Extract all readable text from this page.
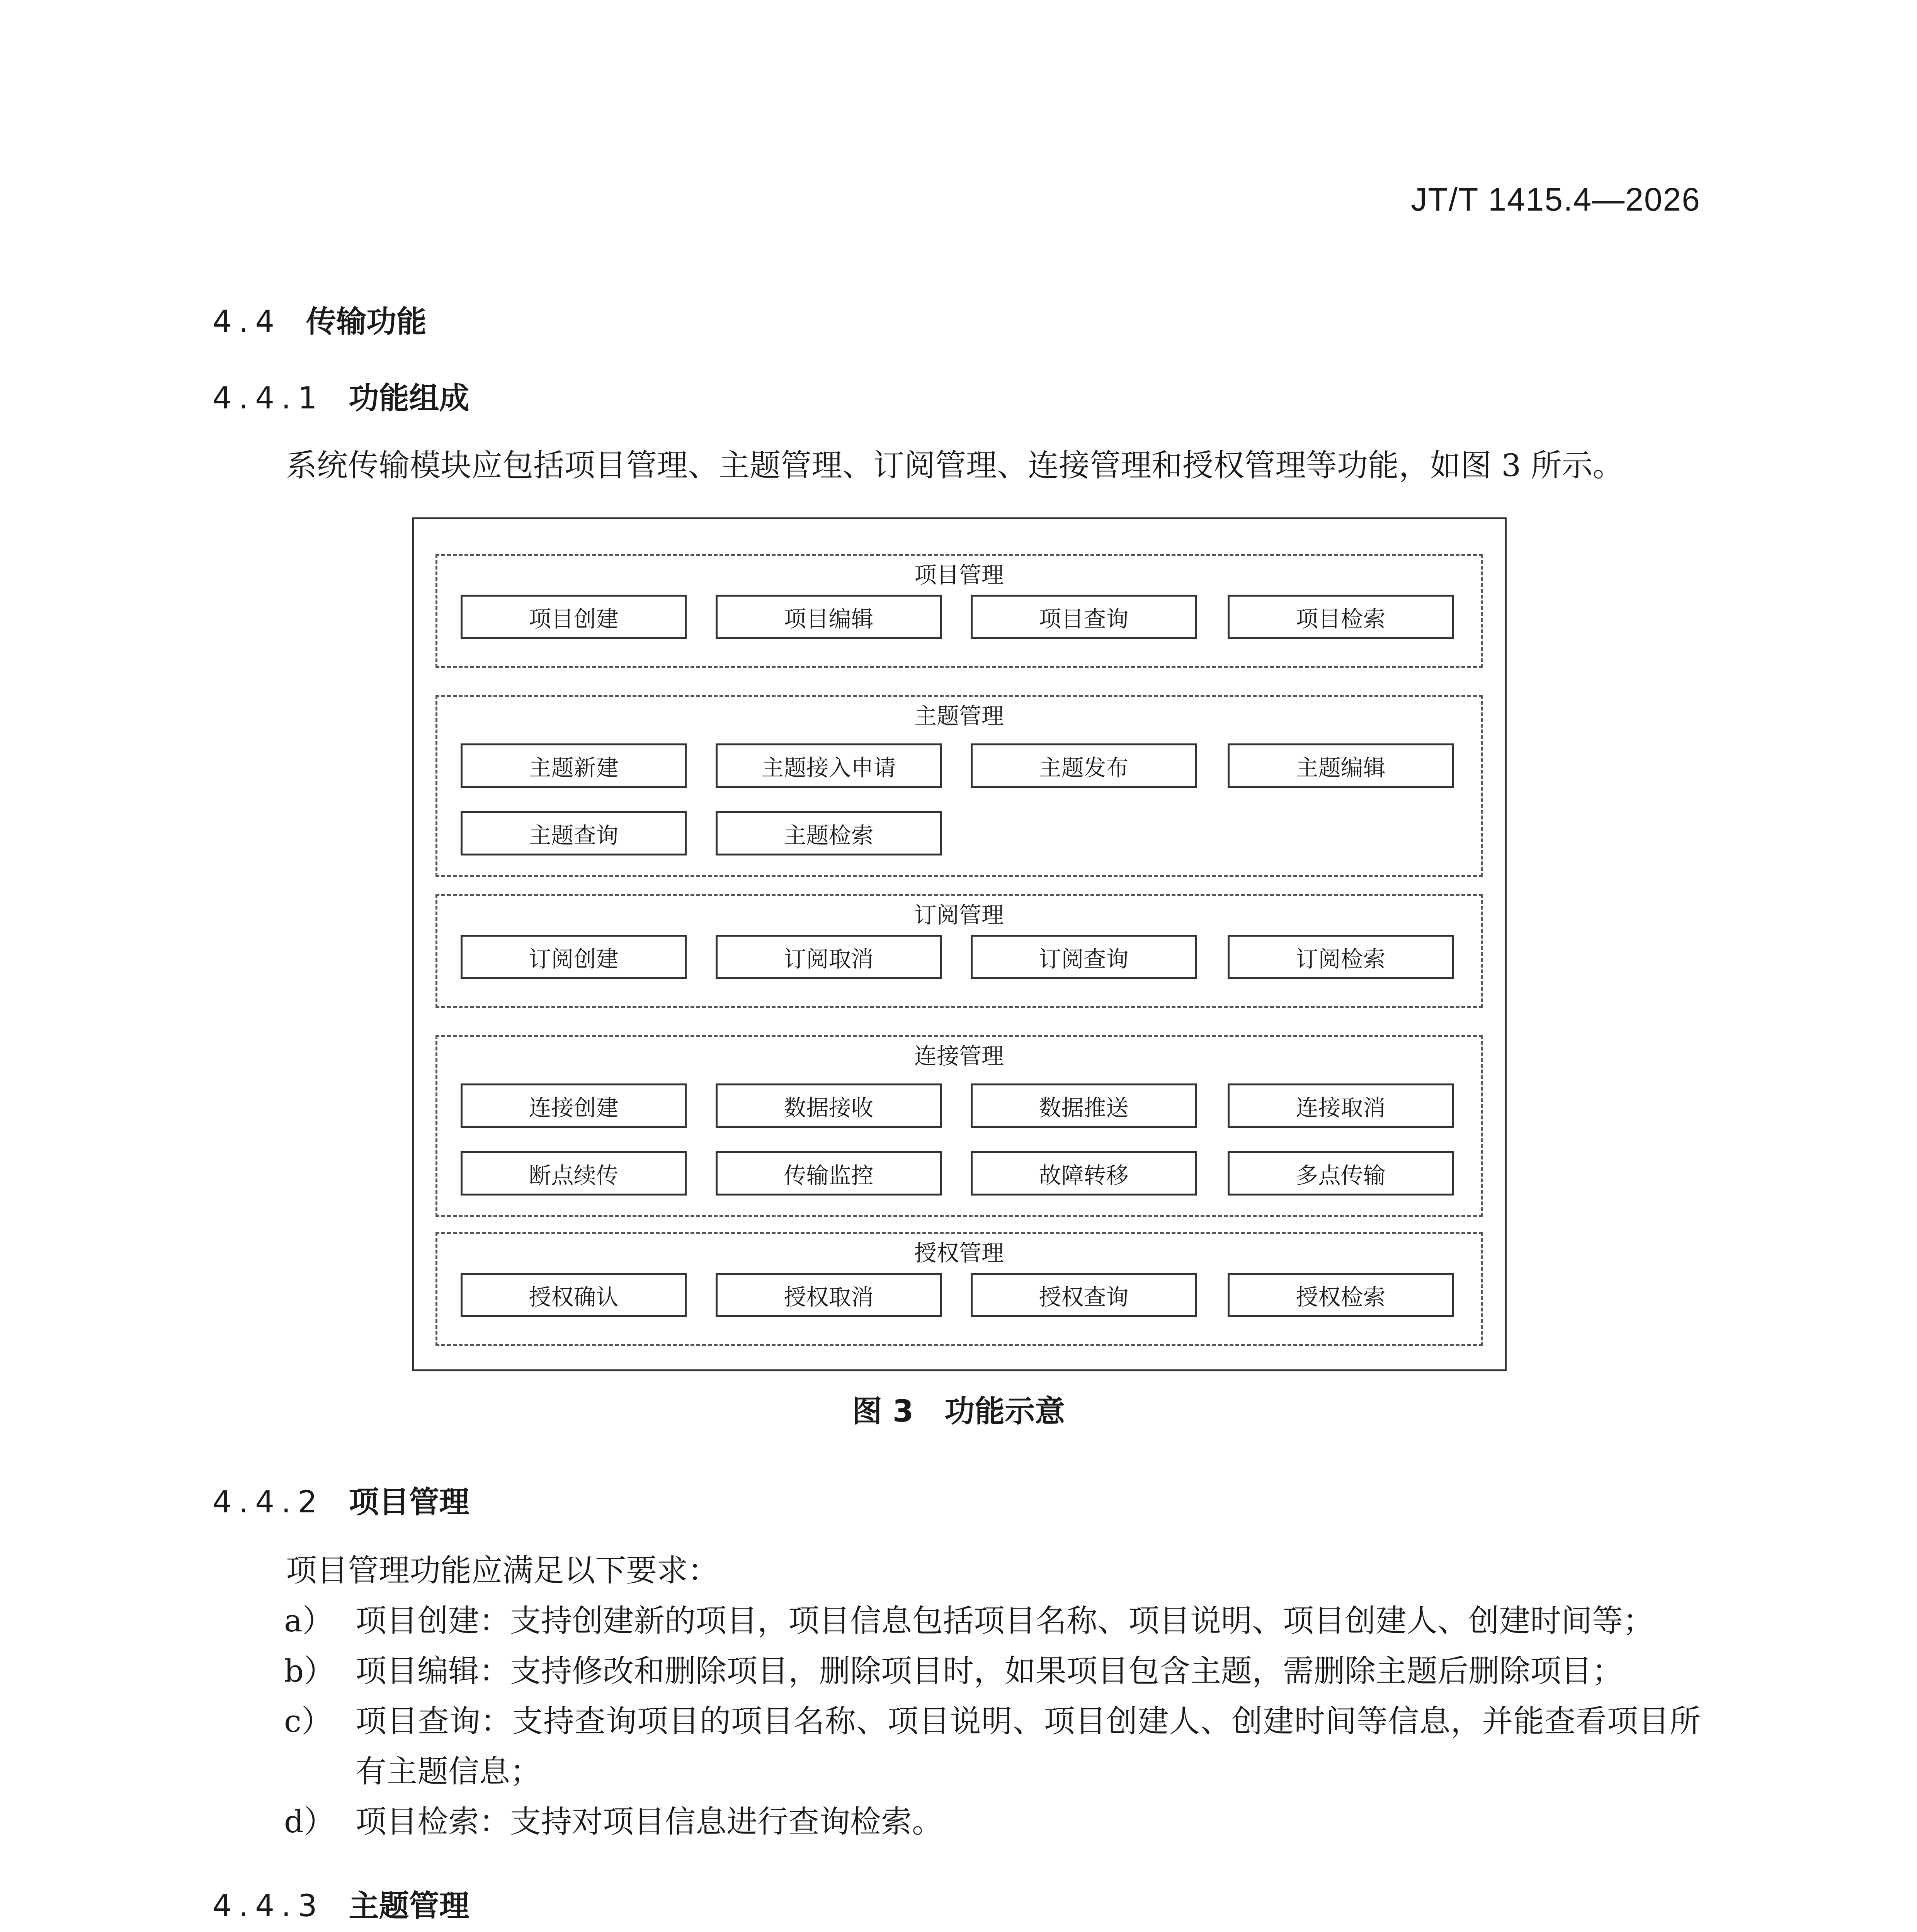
JT/T 1415.4—2026
4.4 传输功能
4.4.1 功能组成
系统传输模块应包括项目管理、主题管理、订阅管理、连接管理和授权管理等功能，如图 3 所示。
项目管理
项目创建	项目编辑	项目查询	项目检索
主题管理
主题新建	主题接入申请	主题发布	主题编辑
主题查询	主题检索
订阅管理
订阅创建	订阅取消	订阅查询	订阅检索
连接管理
连接创建	数据接收	数据推送	连接取消
断点续传	传输监控	故障转移	多点传输
授权管理
授权确认	授权取消	授权查询	授权检索
图 3 功能示意
4.4.2 项目管理
项目管理功能应满足以下要求：
a） 项目创建：支持创建新的项目，项目信息包括项目名称、项目说明、项目创建人、创建时间等；
b） 项目编辑：支持修改和删除项目，删除项目时，如果项目包含主题，需删除主题后删除项目；
c） 项目查询：支持查询项目的项目名称、项目说明、项目创建人、创建时间等信息，并能查看项目所有主题信息；
d） 项目检索：支持对项目信息进行查询检索。
4.4.3 主题管理
